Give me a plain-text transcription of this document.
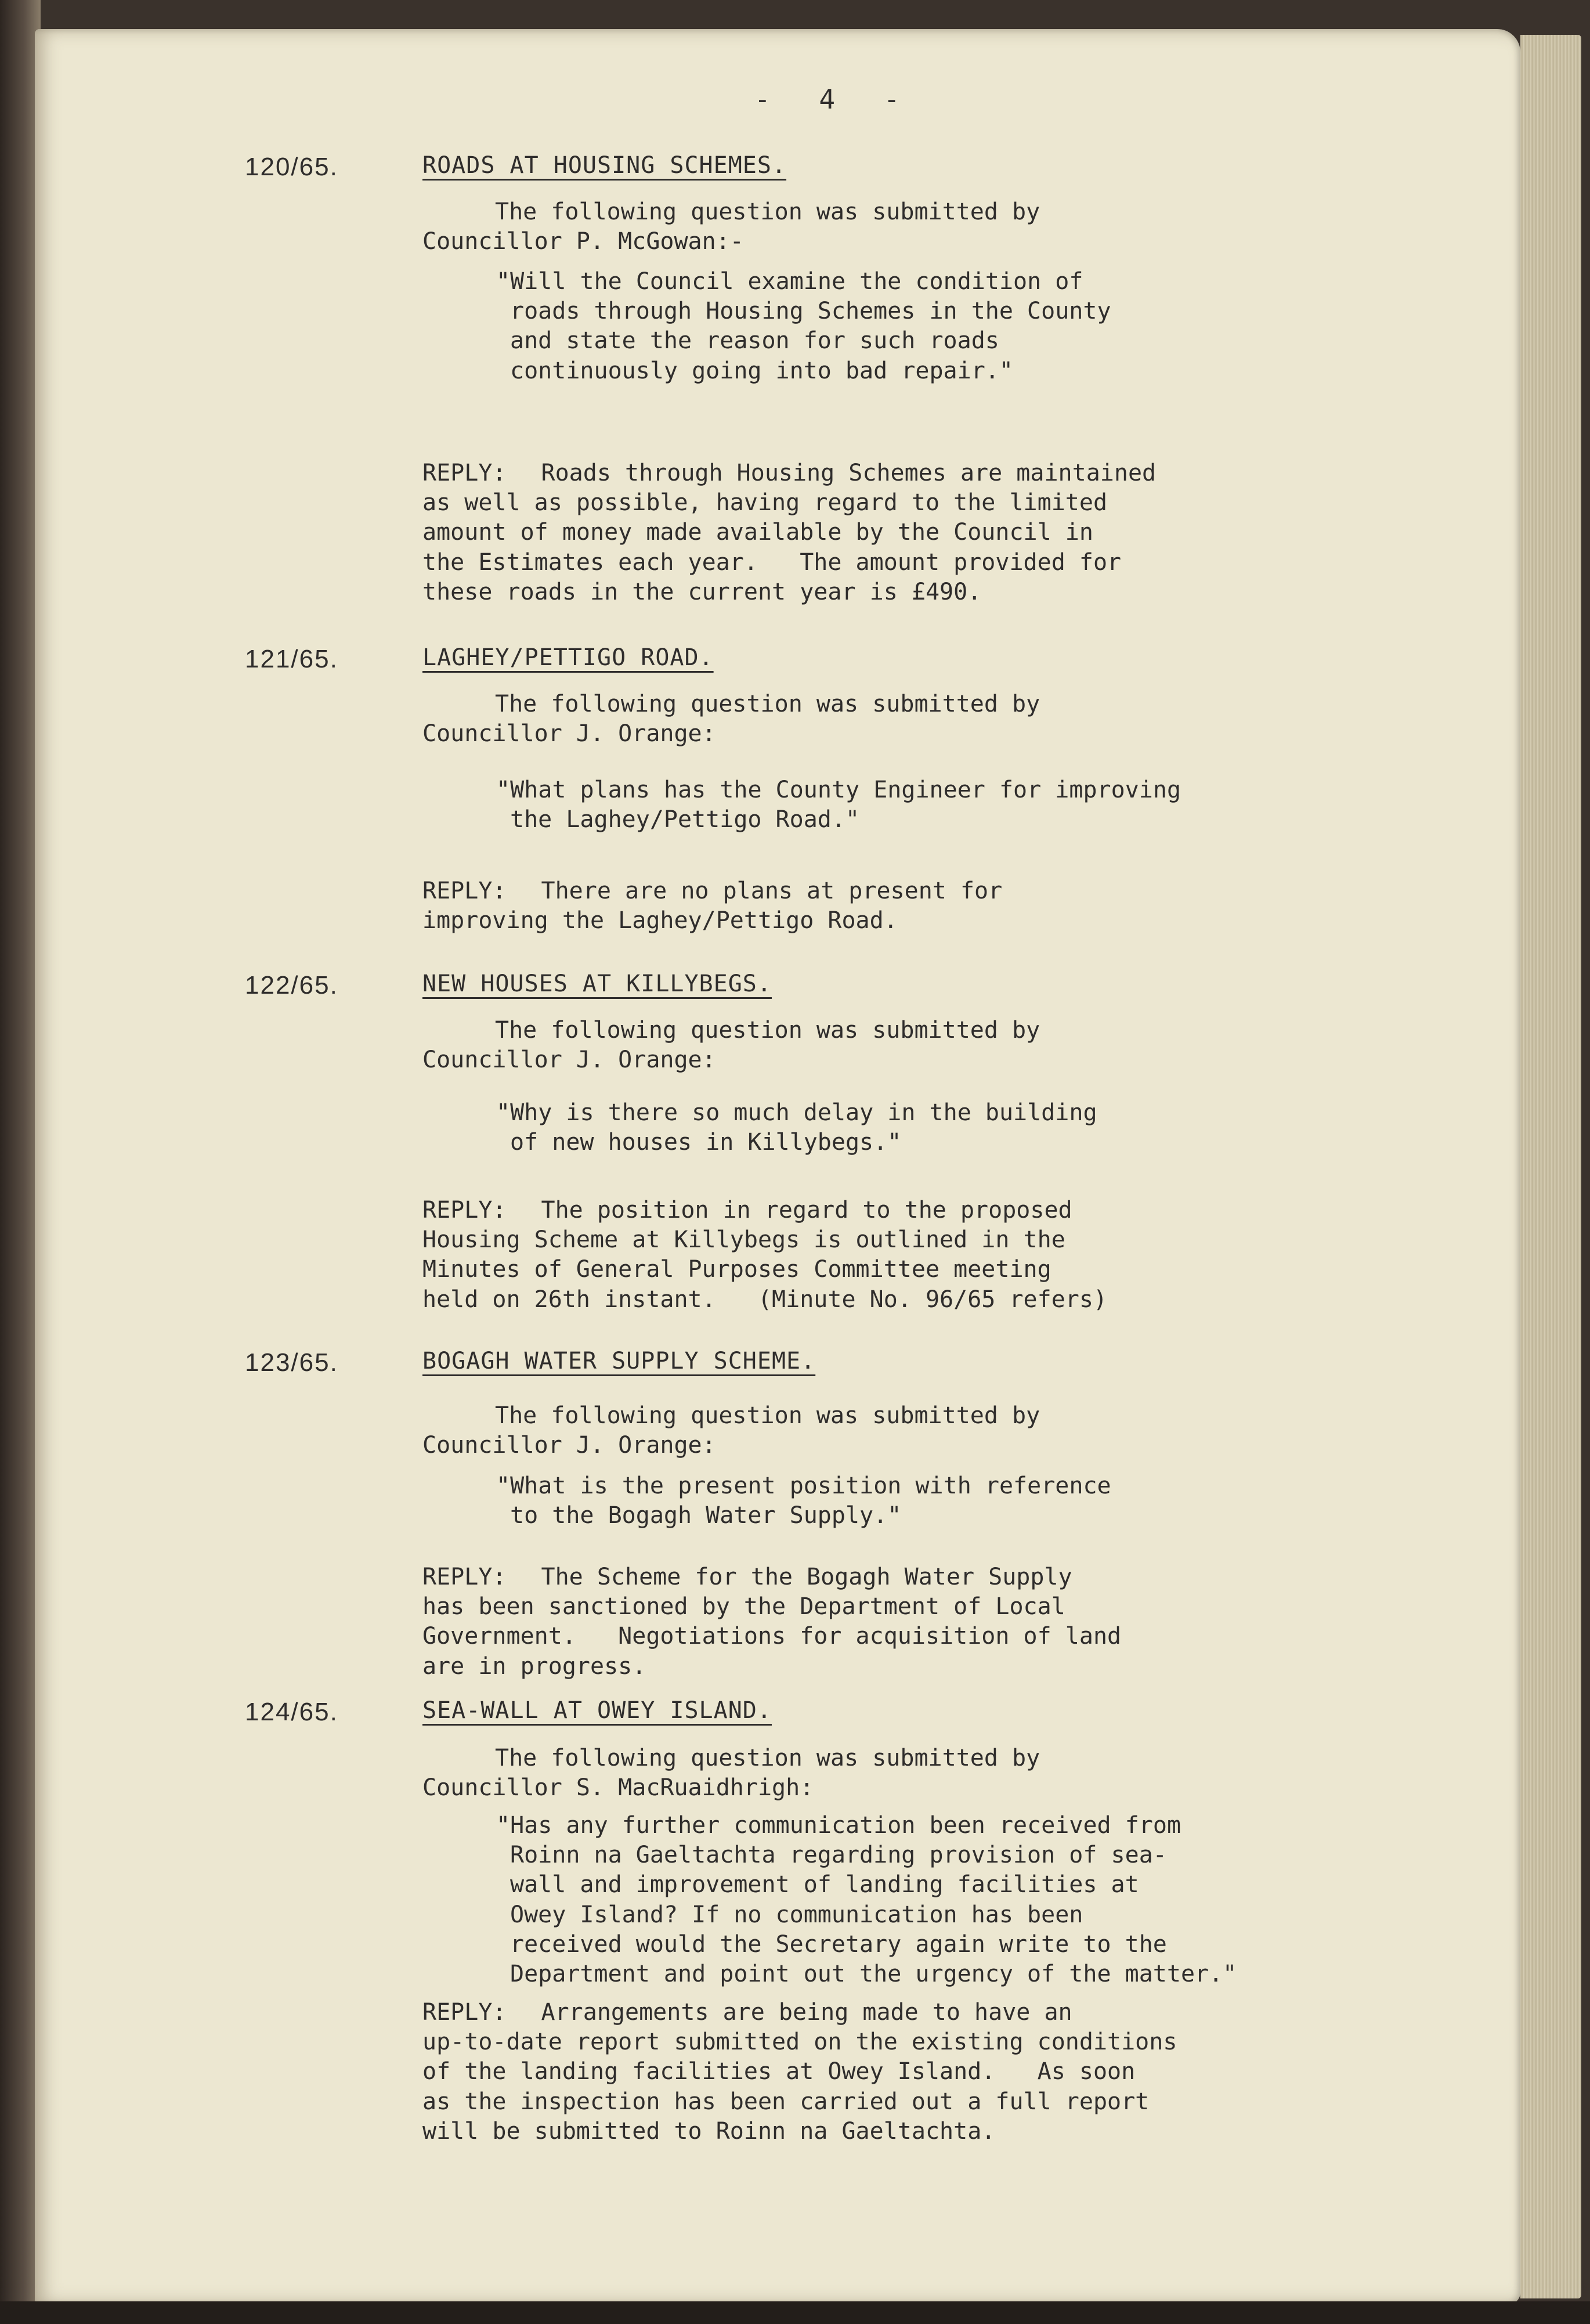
- 4 -
120/65.	ROADS AT HOUSING SCHEMES.
The following question was submitted by
Councillor P. McGowan:-
"Will the Council examine the condition of
roads through Housing Schemes in the County
and state the reason for such roads
continuously going into bad repair."
REPLY: Roads through Housing Schemes are maintained
as well as possible, having regard to the limited
amount of money made available by the Council in
the Estimates each year.   The amount provided for
these roads in the current year is £490.
121/65.	LAGHEY/PETTIGO ROAD.
The following question was submitted by
Councillor J. Orange:
"What plans has the County Engineer for improving
the Laghey/Pettigo Road."
REPLY: There are no plans at present for
improving the Laghey/Pettigo Road.
122/65.	NEW HOUSES AT KILLYBEGS.
The following question was submitted by
Councillor J. Orange:
"Why is there so much delay in the building
of new houses in Killybegs."
REPLY: The position in regard to the proposed
Housing Scheme at Killybegs is outlined in the
Minutes of General Purposes Committee meeting
held on 26th instant.   (Minute No. 96/65 refers)
123/65.	BOGAGH WATER SUPPLY SCHEME.
The following question was submitted by
Councillor J. Orange:
"What is the present position with reference
to the Bogagh Water Supply."
REPLY: The Scheme for the Bogagh Water Supply
has been sanctioned by the Department of Local
Government.   Negotiations for acquisition of land
are in progress.
124/65.	SEA-WALL AT OWEY ISLAND.
The following question was submitted by
Councillor S. MacRuaidhrigh:
"Has any further communication been received from
Roinn na Gaeltachta regarding provision of sea-
wall and improvement of landing facilities at
Owey Island? If no communication has been
received would the Secretary again write to the
Department and point out the urgency of the matter."
REPLY: Arrangements are being made to have an
up-to-date report submitted on the existing conditions
of the landing facilities at Owey Island.   As soon
as the inspection has been carried out a full report
will be submitted to Roinn na Gaeltachta.
